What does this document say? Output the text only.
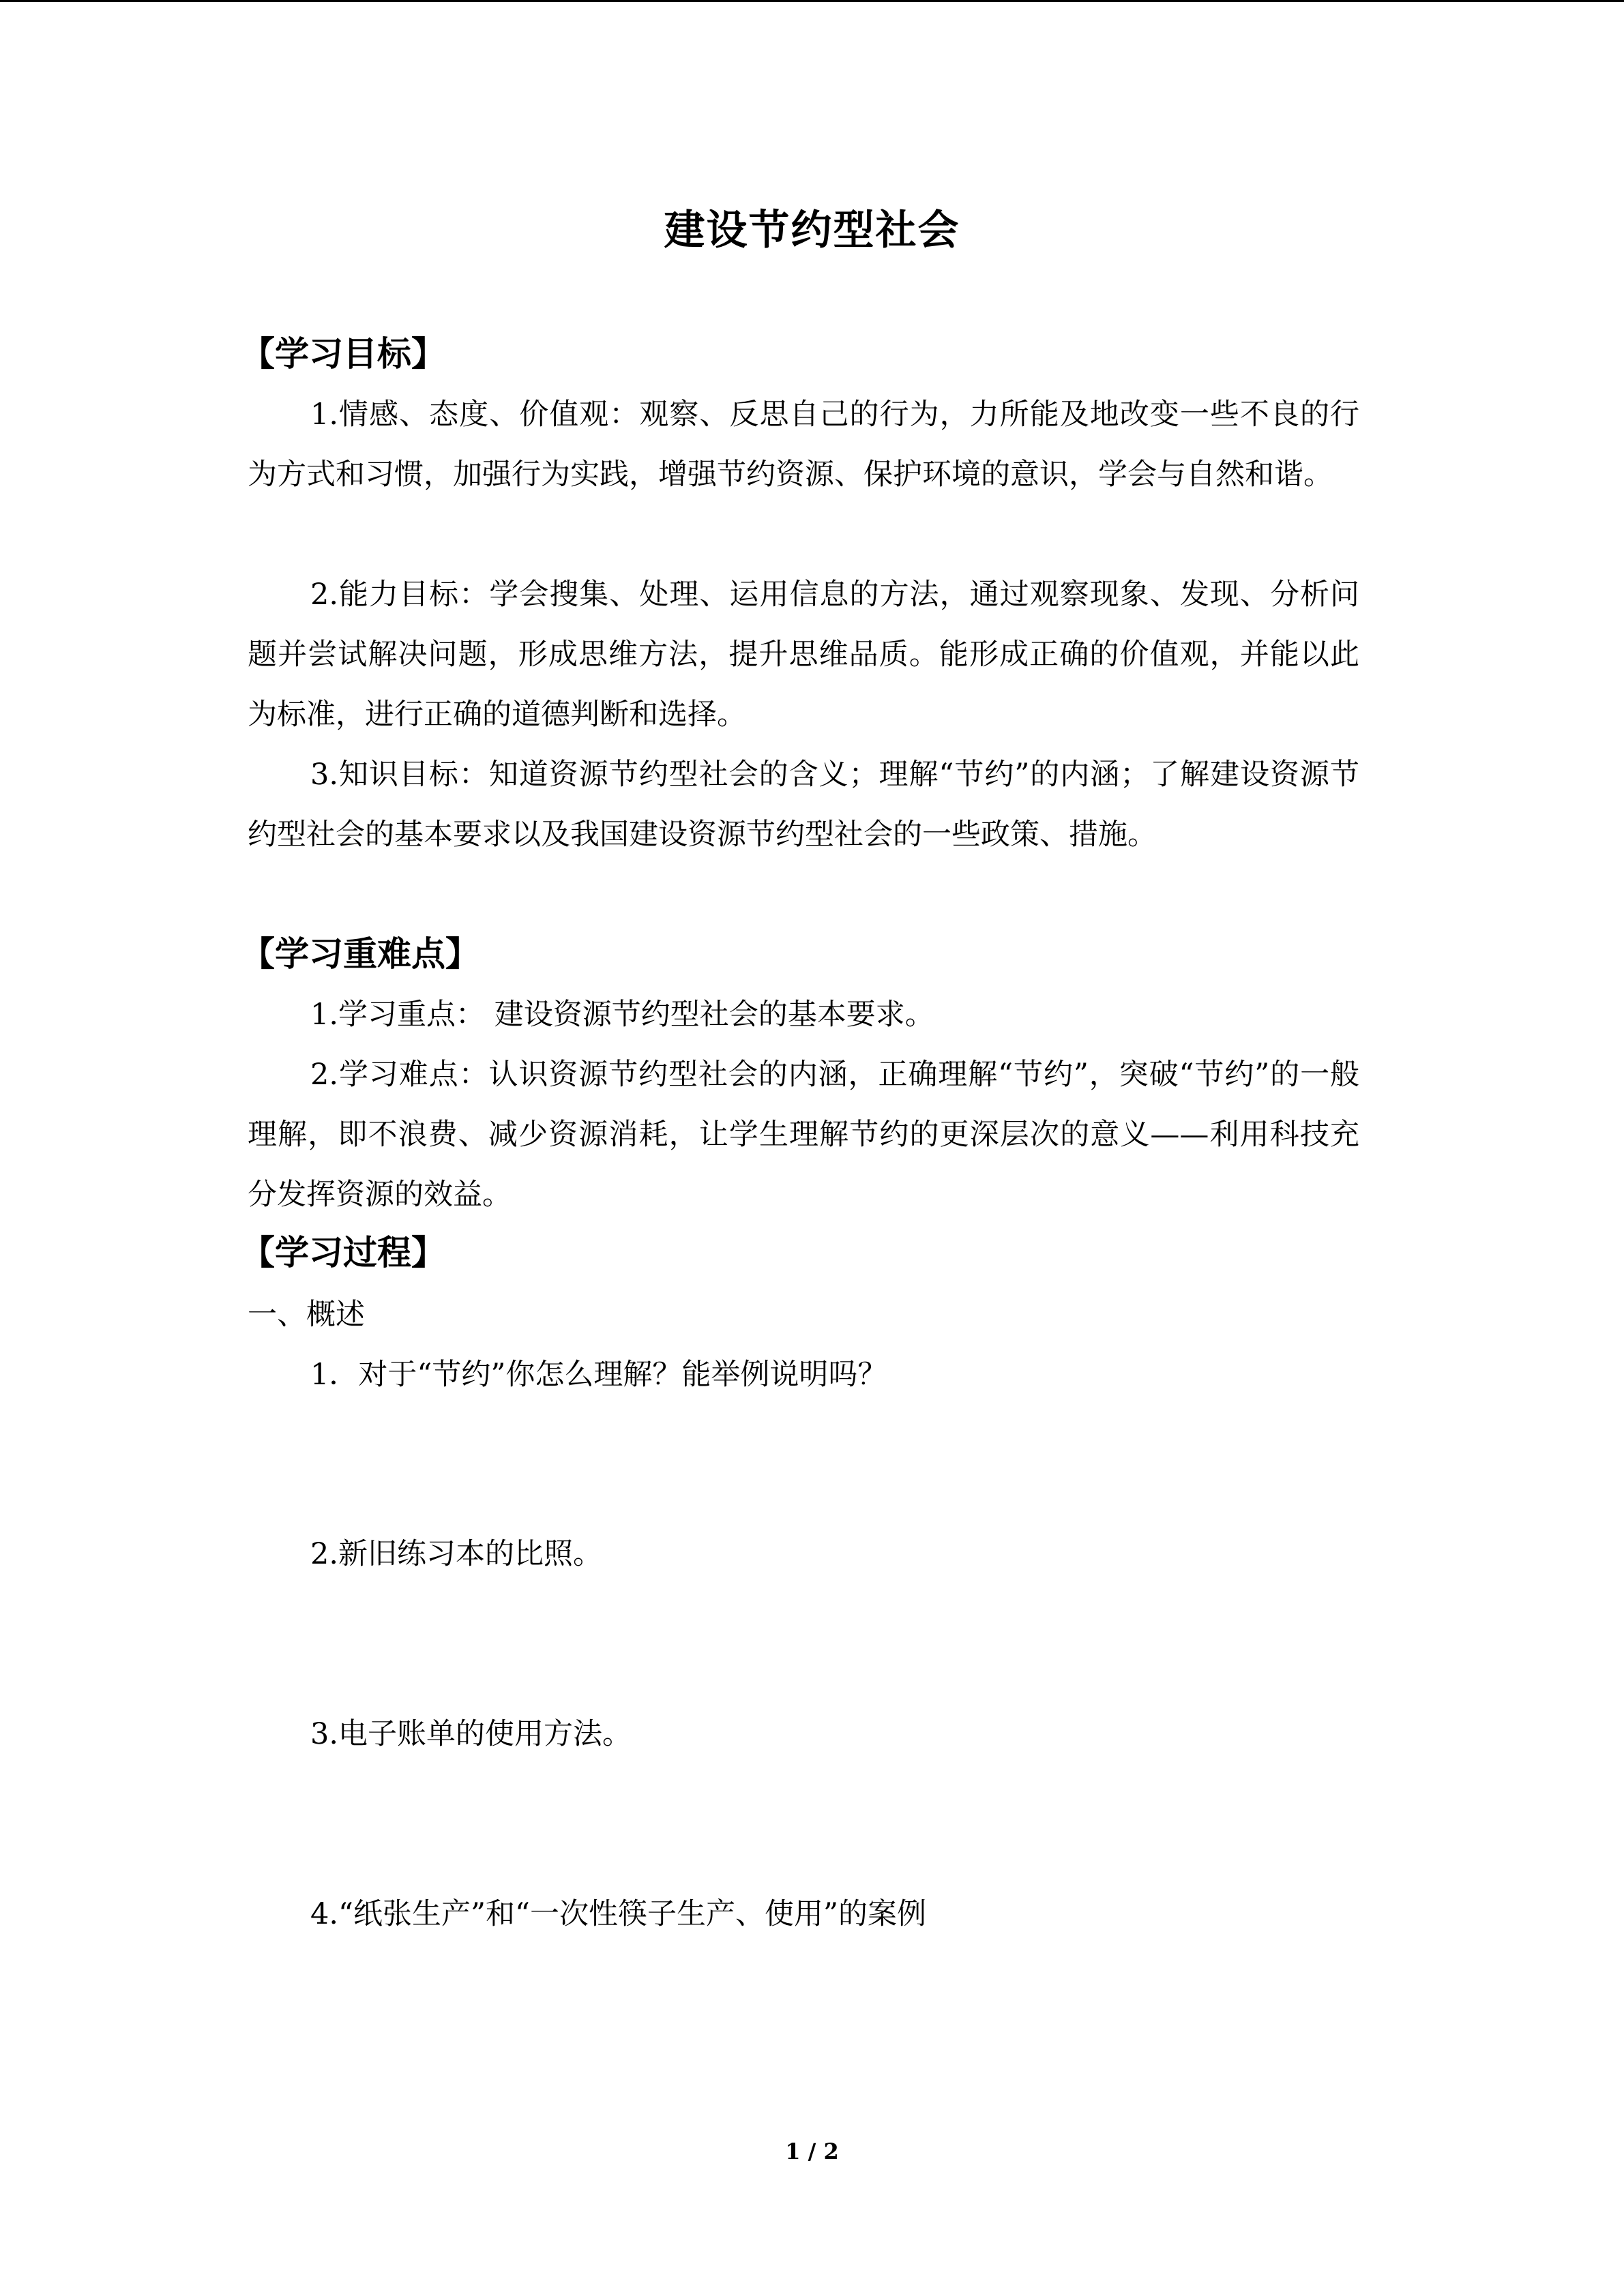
建设节约型社会
【学习目标】

1.情感、态度、价值观：观察、反思自己的行为，力所能及地改变一些不良的行为方式和习惯，加强行为实践，增强节约资源、保护环境的意识，学会与自然和谐。

2.能力目标：学会搜集、处理、运用信息的方法，通过观察现象、发现、分析问题并尝试解决问题，形成思维方法，提升思维品质。能形成正确的价值观，并能以此为标准，进行正确的道德判断和选择。

3.知识目标：知道资源节约型社会的含义；理解“节约”的内涵；了解建设资源节约型社会的基本要求以及我国建设资源节约型社会的一些政策、措施。

【学习重难点】

1.学习重点： 建设资源节约型社会的基本要求。

2.学习难点：认识资源节约型社会的内涵，正确理解“节约”，突破“节约”的一般理解，即不浪费、减少资源消耗，让学生理解节约的更深层次的意义——利用科技充分发挥资源的效益。

【学习过程】
一、概述
1．对于“节约”你怎么理解？能举例说明吗？
2.新旧练习本的比照。
3.电子账单的使用方法。
4.“纸张生产”和“一次性筷子生产、使用”的案例
1 / 2
